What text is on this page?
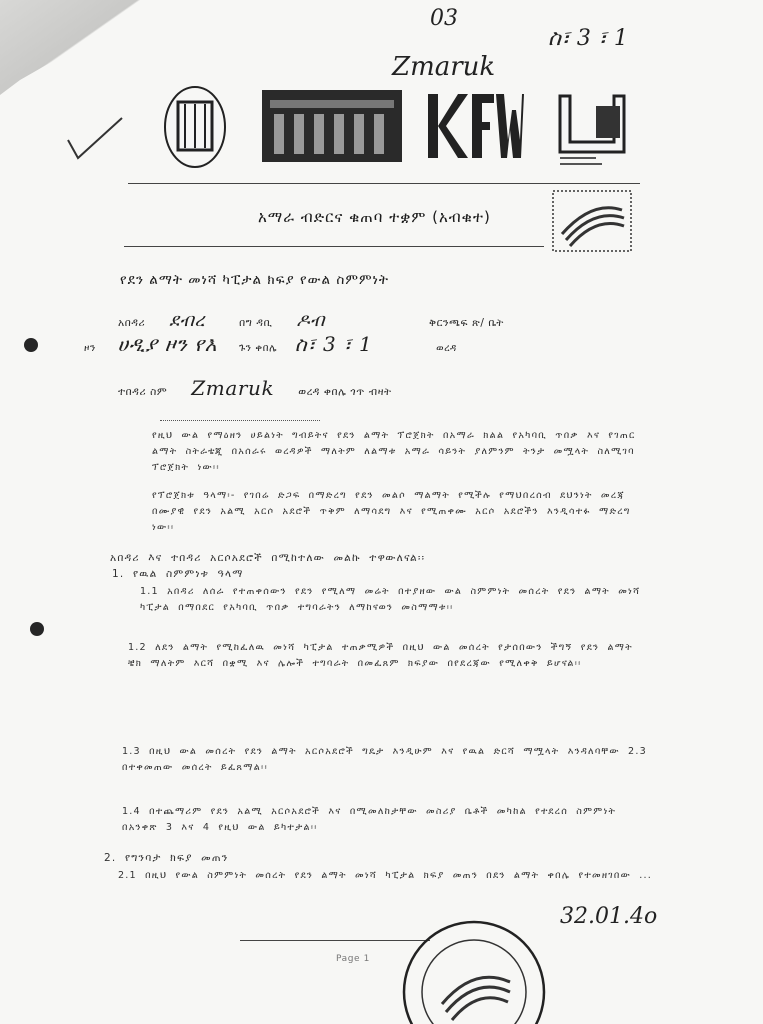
03
ስ፣ 3 ፣ 1
Zmaruk
አማራ ብድርና ቁጠባ ተቋም (አብቁተ)
የደን ልማት መነሻ ካፒታል ክፍያ የውል ስምምነት
አበዳሪ ደብረ	በግ ዳቢ ዶብ	ቅርንጫፍ ጽ/ ቤት
ዞን ሀዲያ ዞን የእ ጉን ቀበሌ ስ፣ 3 ፣ 1	ወረዳ
ተበዳሪ ስም Zmaruk ወረዳ ቀበሌ ጎጥ ብዛት
የዚህ ውል የማዕዘን ሀይልነት ግብይትና የደን ልማት ፕሮጀክት በአማራ ክልል የአካባቢ ጥበቃ እና የገጠር ልማት ስትራቴጂ በአሰራሩ ወረዳዎች ማለትም ለልማቱ አማራ ሳይንት ያለምንም ትንታ መሟላት ስለሚገባ ፕሮጀክት ነው፡፡
የፕሮጀክቱ ዓላማ፡- የገበሬ ድጋፍ በማድረግ የደን መልሶ ማልማት የሚችሉ የማህበረሰብ ደህንነት መረጃ በሙያዊ የደን አልሚ አርሶ አደሮች ጥቅም ለማሳደግ እና የሚጠቀሙ አርሶ አደሮችን እንዲሳተፉ ማድረግ ነው፡፡
አበዳሪ እና ተበዳሪ አርሶአደሮች በሚከተለው መልኩ ተዋውለናል፡፡
1. የዉል ስምምነቱ ዓላማ
1.1 አበዳሪ ለሰራ የተጠቀሰውን የደን የሚለማ መሬት በተያዘው ውል ስምምነት መሰረት የደን ልማት መነሻ ካፒታል በማበደር የአካባቢ ጥበቃ ተግባራትን ለማከናወን መስማማቱ፡፡
1.2 ለደን ልማት የሚከፈለዉ መነሻ ካፒታል ተጠቃሚዎች በዚህ ውል መሰረት የታሰበውን ችግኝ የደን ልማት ቼክ ማለትም እርሻ በቋሚ እና ሌሎች ተግባራት በመፈጸም ክፍያው በየደረጃው የሚለቀቅ ይሆናል፡፡
1.3 በዚህ ውል መሰረት የደን ልማት አርሶአደሮች ግዴታ እንዲሁም እና የዉል ድርሻ ማሟላት እንዳለባቸው 2.3 በተቀመጠው መሰረት ይፈጸማል፡፡
1.4 በተጨማሪም የደን አልሚ አርሶአደሮች እና በሚመለከታቸው መስሪያ ቤቶች መካከል የተደረሰ ስምምነት በአንቀጽ 3 እና 4 የዚህ ውል ይካተታል፡፡
2. የግንባታ ክፍያ መጠን
2.1 በዚህ የውል ስምምነት መሰረት የደን ልማት መነሻ ካፒታል ክፍያ መጠን በደን ልማት ቀበሌ የተመዘገበው ...
32.01.4o
Page 1
